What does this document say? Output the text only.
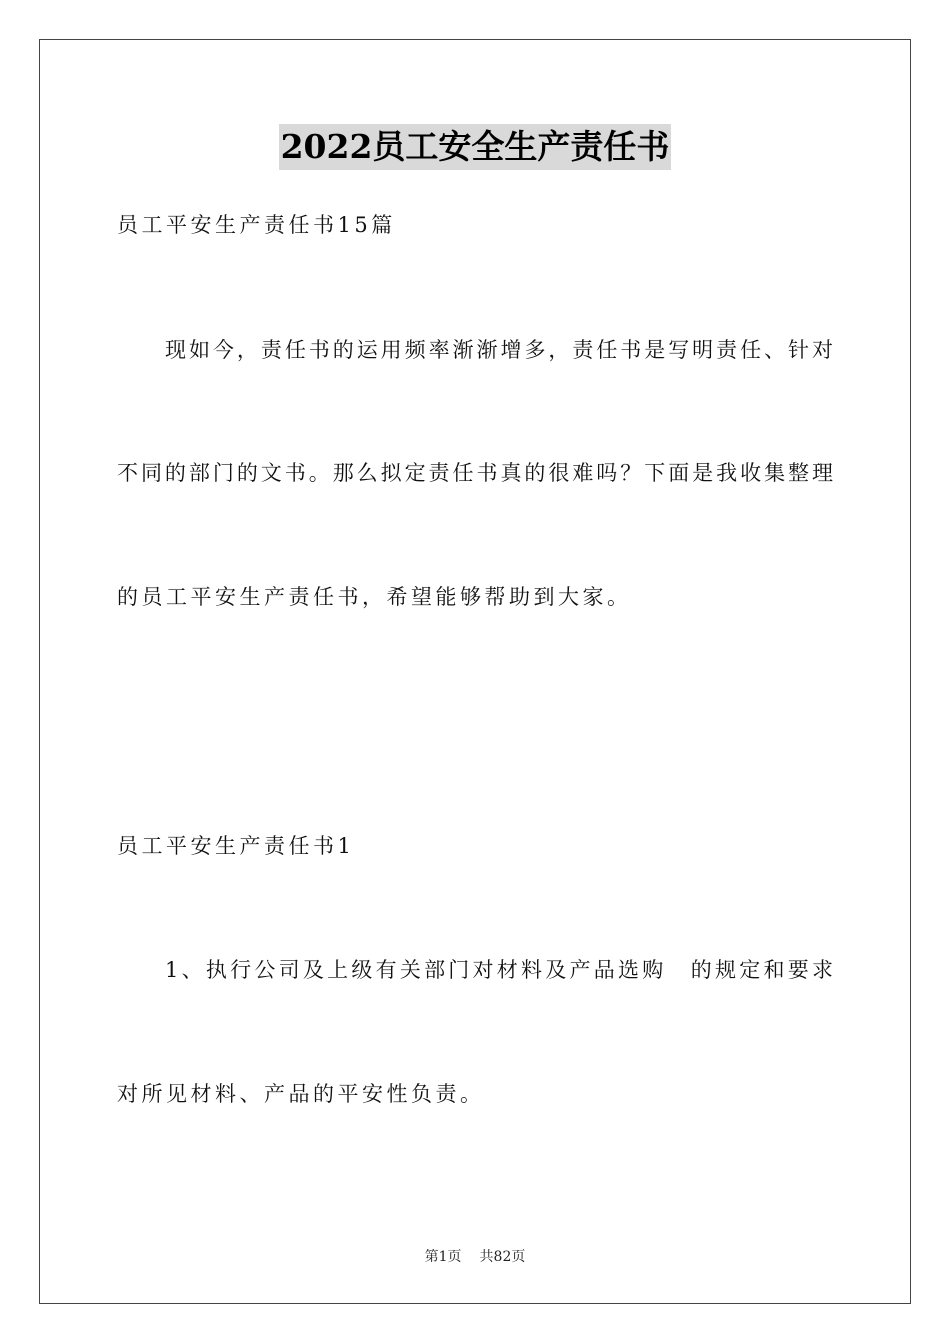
2022员工安全生产责任书
员工平安生产责任书15篇
现如今，责任书的运用频率渐渐增多，责任书是写明责任、针对
不同的部门的文书。那么拟定责任书真的很难吗？下面是我收集整理
的员工平安生产责任书，希望能够帮助到大家。
员工平安生产责任书1
1、执行公司及上级有关部门对材料及产品选购　的规定和要求
对所见材料、产品的平安性负责。
第1页 共82页
